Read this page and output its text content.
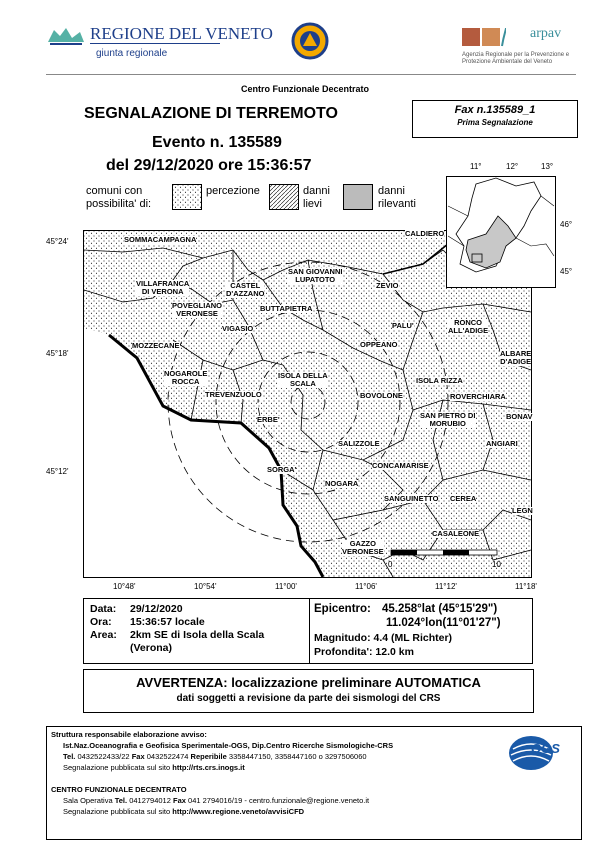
REGIONE DEL VENETO
giunta regionale
arpav
Agenzia Regionale per la Prevenzione e Protezione Ambientale del Veneto
Centro Funzionale Decentrato
SEGNALAZIONE DI TERREMOTO
Evento n. 135589
del 29/12/2020 ore 15:36:57
Fax n.135589_1
Prima Segnalazione
comuni con
possibilita' di:
percezione	danni
lievi
danni
rilevanti
SOMMACAMPAGNA
CALDIERO
VILLAFRANCA
DI VERONA
CASTEL
D'AZZANO
SAN GIOVANNI
LUPATOTO
ZEVIO
POVEGLIANO
VERONESE
BUTTAPIETRA
VIGASIO	PALU'	RONCO
ALL'ADIGE
MOZZECANE	OPPEANO
ALBARE
D'ADIGE
NOGAROLE
ROCCA
ISOLA DELLA
SCALA	ISOLA RIZZA
TREVENZUOLO	BOVOLONE	ROVERCHIARA
ERBE'	SAN PIETRO DI
MORUBIO
BONAV
SALIZZOLE	ANGIARI
CONCAMARISE
SORGA'
NOGARA
SANGUINETTO CEREA
LEGN
CASALEONE
GAZZO
VERONESE
0	10
45°24'
45°18'
45°12'
10°48'	10°54'	11°00'	11°06'	11°12'	11°18'
11°	12°	13°
46°
45°
Data: 29/12/2020
Ora: 15:36:57 locale
Area: 2km SE di Isola della Scala
(Verona)
Epicentro: 45.258°lat (45°15'29")
11.024°lon(11°01'27")
Magnitudo: 4.4 (ML Richter)
Profondita': 12.0 km
AVVERTENZA: localizzazione preliminare AUTOMATICA
dati soggetti a revisione da parte dei sismologi del CRS
Struttura responsabile elaborazione avviso:
Ist.Naz.Oceanografia e Geofisica Sperimentale-OGS, Dip.Centro Ricerche Sismologiche-CRS
Tel. 0432522433/22 Fax 0432522474 Reperibile 3358447150, 3358447160 o 3297506060
Segnalazione pubblicata sul sito http://rts.crs.inogs.it
OGS
CENTRO FUNZIONALE DECENTRATO
Sala Operativa Tel. 0412794012 Fax 041 2794016/19 - centro.funzionale@regione.veneto.it
Segnalazione pubblicata sul sito http://www.regione.veneto/avvisiCFD
